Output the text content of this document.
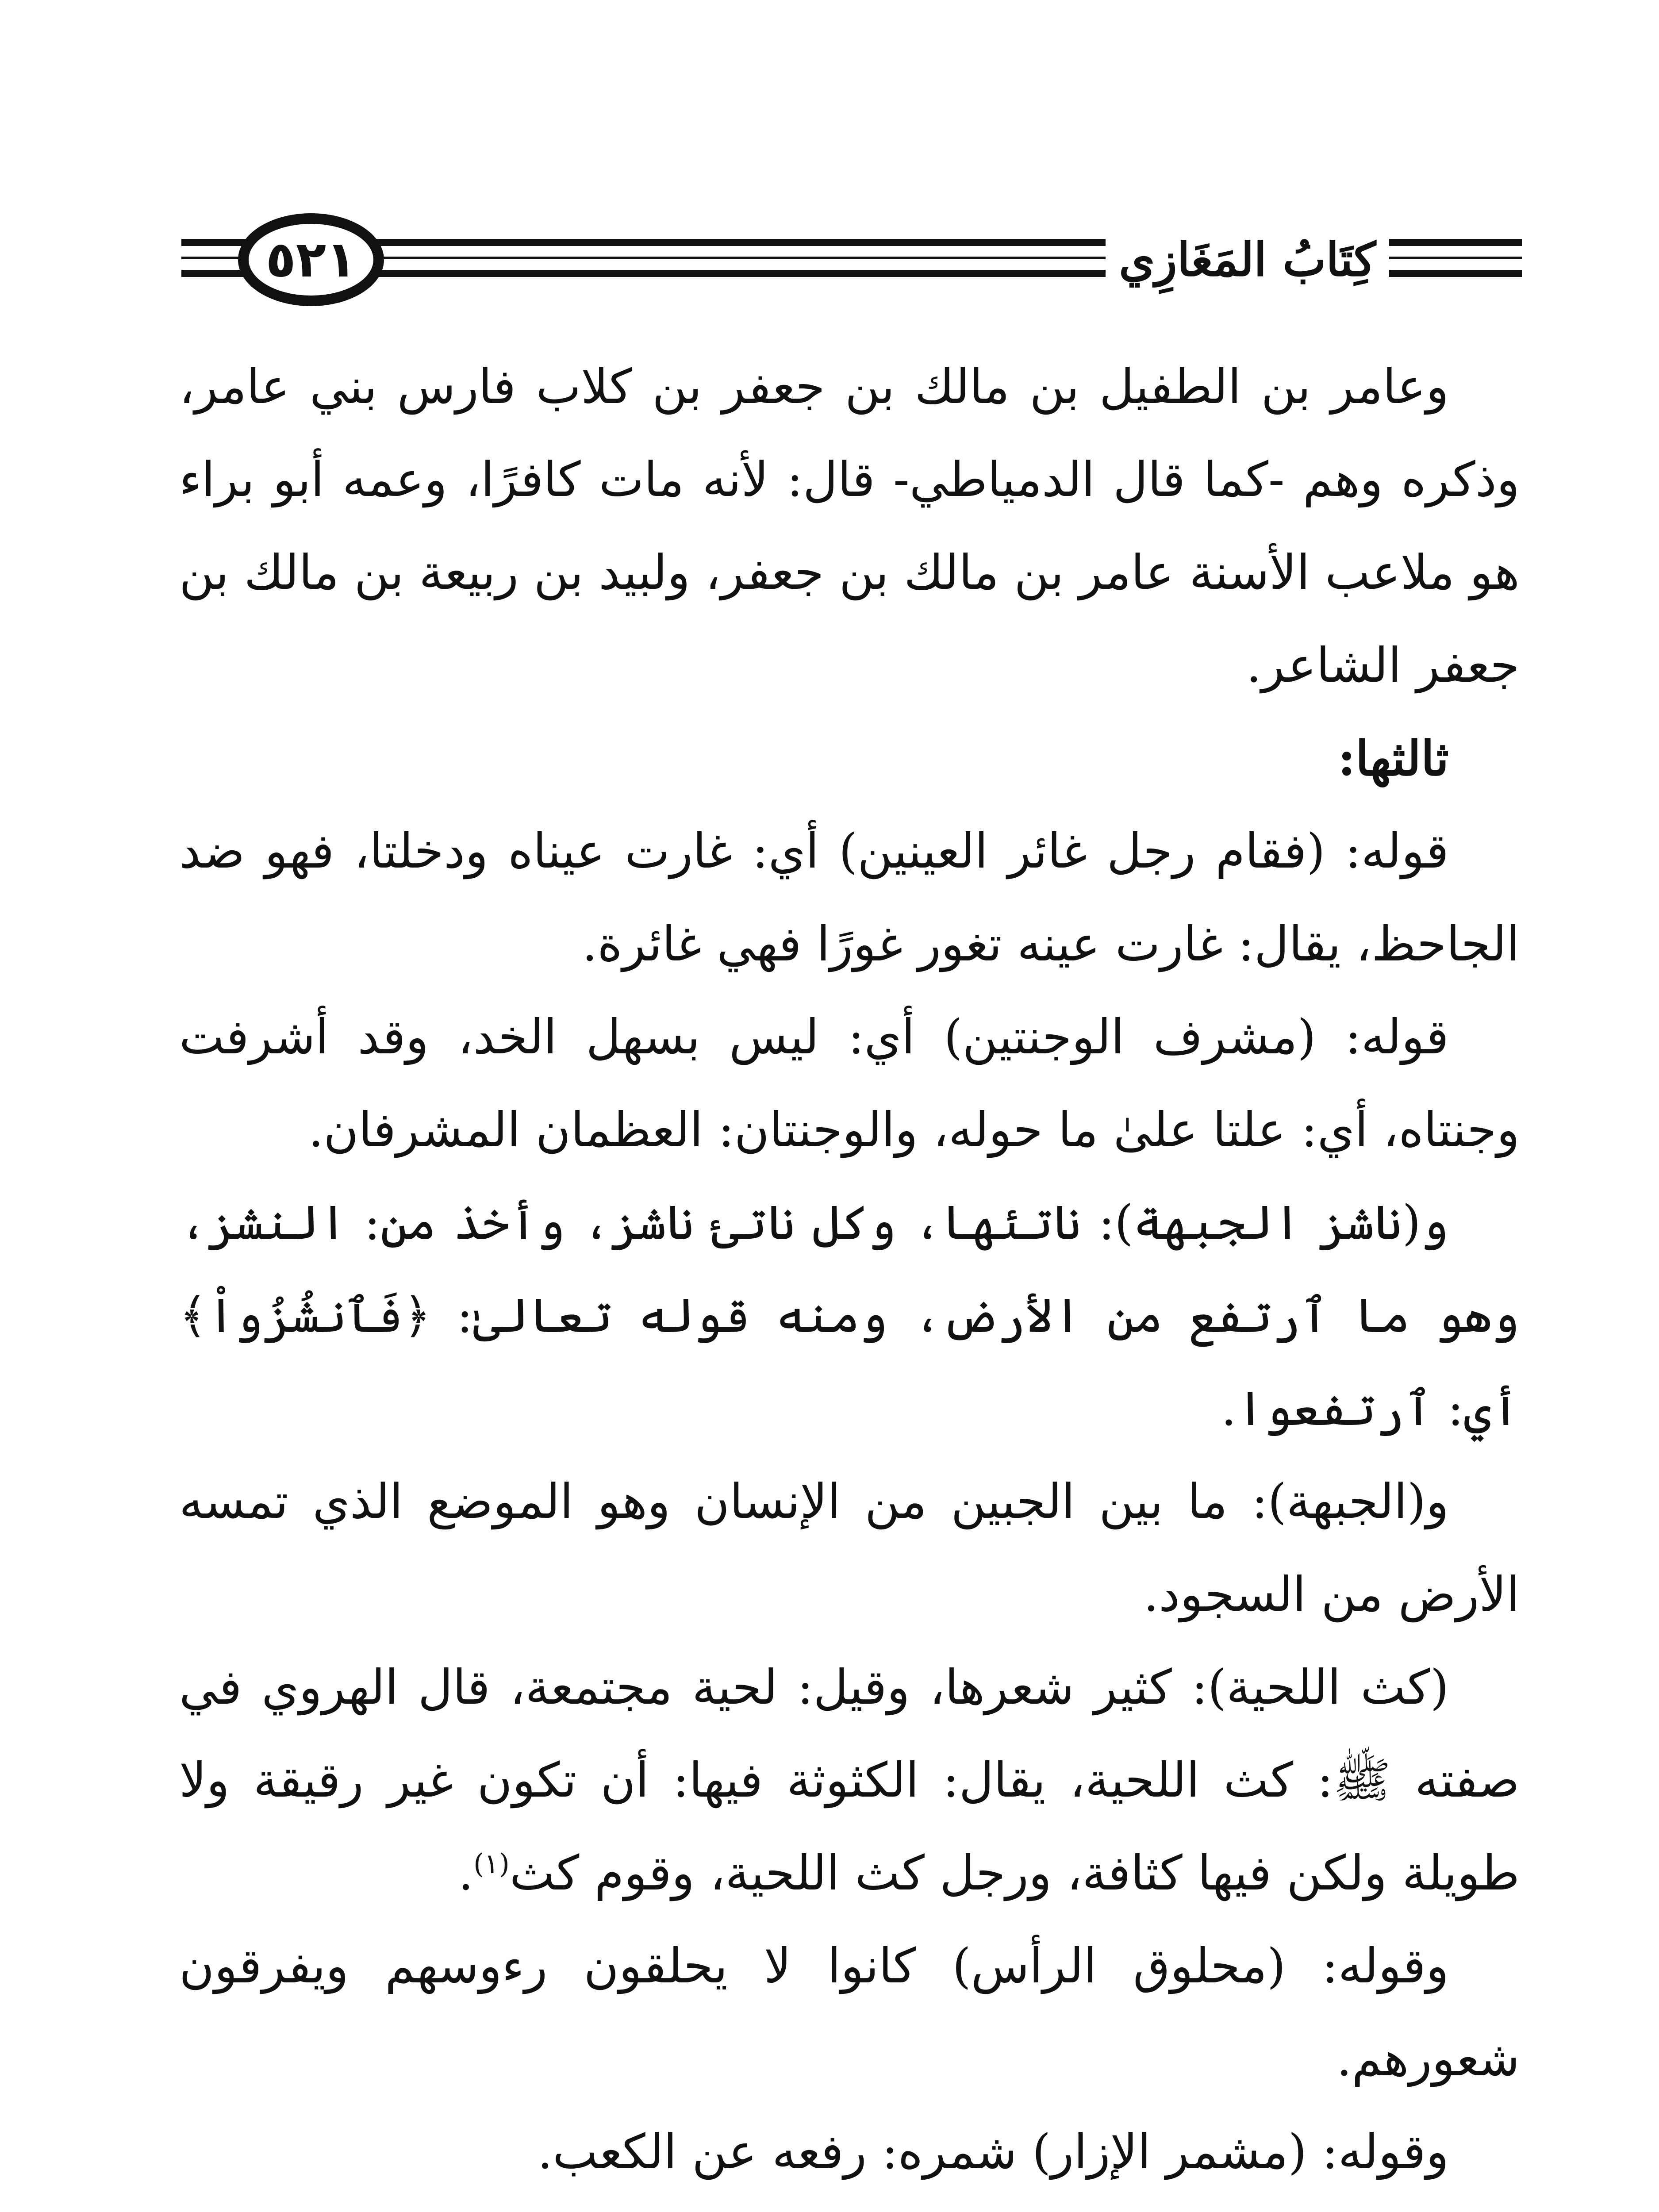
٥٢١	كِتَابُ المَغَازِي

وعامر بن الطفيل بن مالك بن جعفر بن كلاب فارس بني عامر، وذكره وهم -كما قال الدمياطي- قال: لأنه مات كافرًا، وعمه أبو براء هو ملاعب الأسنة عامر بن مالك بن جعفر، ولبيد بن ربيعة بن مالك بن جعفر الشاعر.

ثالثها:

قوله: (فقام رجل غائر العينين) أي: غارت عيناه ودخلتا، فهو ضد الجاحظ، يقال: غارت عينه تغور غورًا فهي غائرة.

قوله: (مشرف الوجنتين) أي: ليس بسهل الخد، وقد أشرفت وجنتاه، أي: علتا علىٰ ما حوله، والوجنتان: العظمان المشرفان.

و(ناشز الجبهة): ناتئها، وكل ناتئ ناشز، وأخذ من: النشز، وهو ما ٱرتفع من الأرض، ومنه قوله تعالىٰ: ﴿فَٱنشُزُواْ﴾ أي: ٱرتفعوا.

و(الجبهة): ما بين الجبين من الإنسان وهو الموضع الذي تمسه الأرض من السجود.

(كث اللحية): كثير شعرها، وقيل: لحية مجتمعة، قال الهروي في صفته ﷺ: كث اللحية، يقال: الكثوثة فيها: أن تكون غير رقيقة ولا طويلة ولكن فيها كثافة، ورجل كث اللحية، وقوم كث$^{(١)}$.

وقوله: (محلوق الرأس) كانوا لا يحلقون رءوسهم ويفرقون شعورهم.

وقوله: (مشمر الإزار) شمره: رفعه عن الكعب.
